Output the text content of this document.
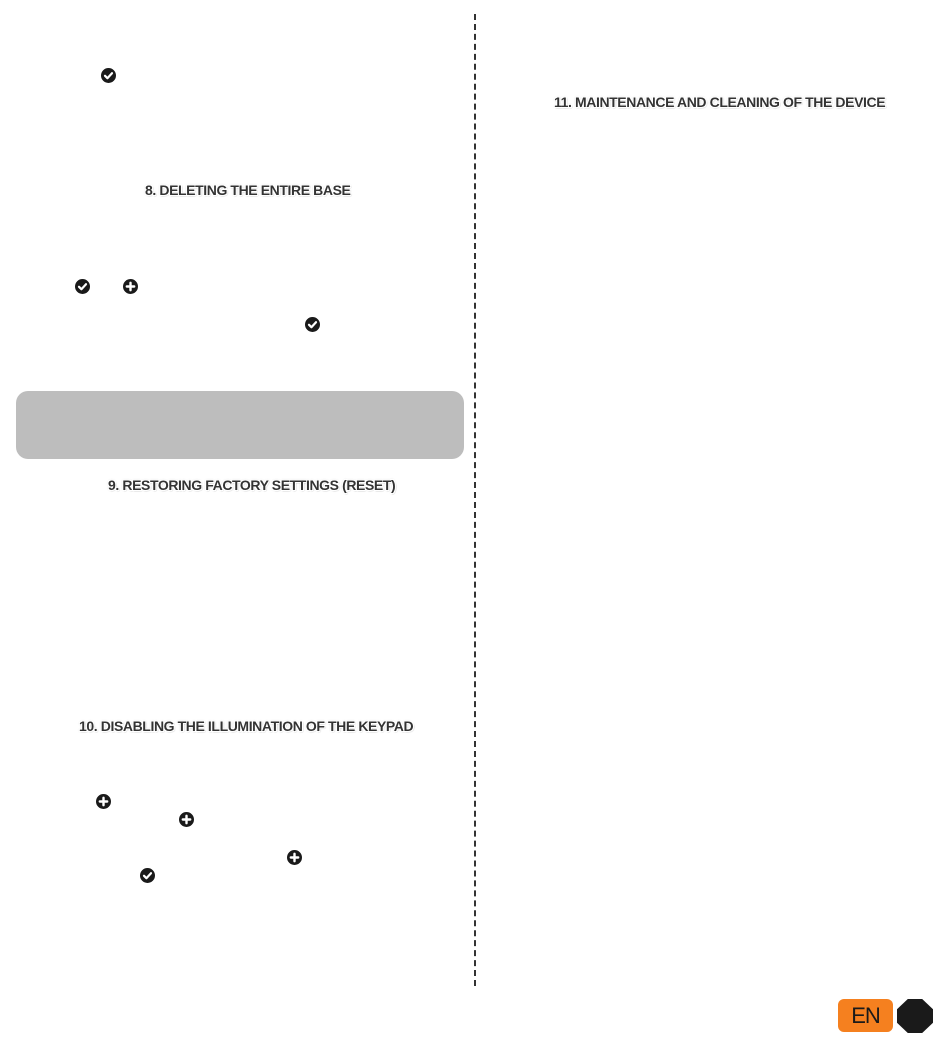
8. DELETING THE ENTIRE BASE
9. RESTORING FACTORY SETTINGS (RESET)
10. DISABLING THE ILLUMINATION OF THE KEYPAD
11. MAINTENANCE AND CLEANING OF THE DEVICE
EN
